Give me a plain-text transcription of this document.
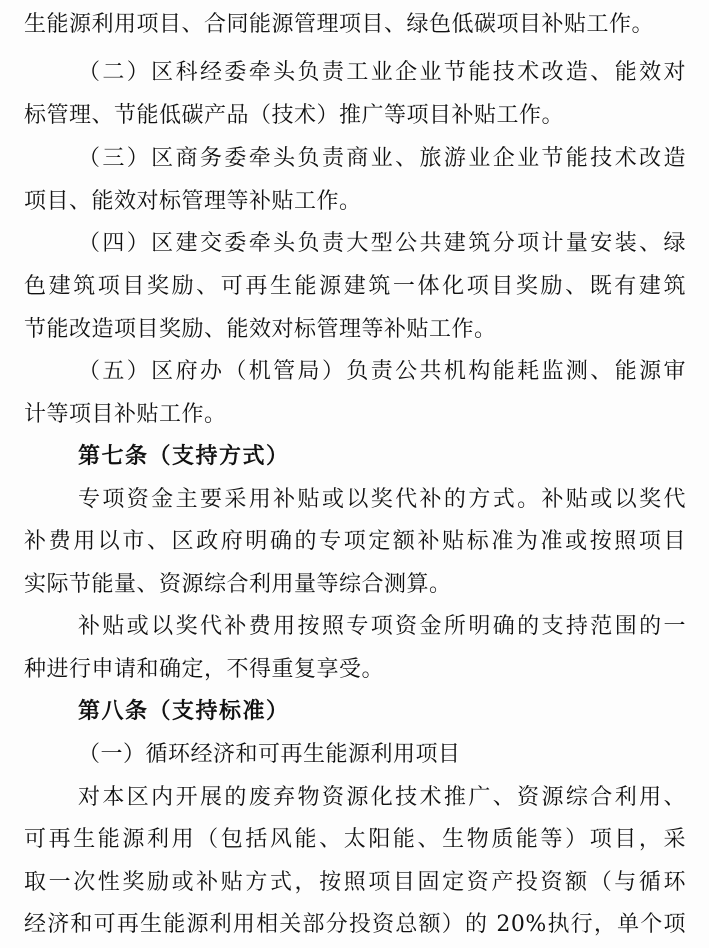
生能源利用项目、合同能源管理项目、绿色低碳项目补贴工作。
（二）区科经委牵头负责工业企业节能技术改造、能效对
标管理、节能低碳产品（技术）推广等项目补贴工作。
（三）区商务委牵头负责商业、旅游业企业节能技术改造
项目、能效对标管理等补贴工作。
（四）区建交委牵头负责大型公共建筑分项计量安装、绿
色建筑项目奖励、可再生能源建筑一体化项目奖励、既有建筑
节能改造项目奖励、能效对标管理等补贴工作。
（五）区府办（机管局）负责公共机构能耗监测、能源审
计等项目补贴工作。
第七条（支持方式）
专项资金主要采用补贴或以奖代补的方式。补贴或以奖代
补费用以市、区政府明确的专项定额补贴标准为准或按照项目
实际节能量、资源综合利用量等综合测算。
补贴或以奖代补费用按照专项资金所明确的支持范围的一
种进行申请和确定，不得重复享受。
第八条（支持标准）
（一）循环经济和可再生能源利用项目
对本区内开展的废弃物资源化技术推广、资源综合利用、
可再生能源利用（包括风能、太阳能、生物质能等）项目，采
取一次性奖励或补贴方式，按照项目固定资产投资额（与循环
经济和可再生能源利用相关部分投资总额）的 20%执行，单个项
